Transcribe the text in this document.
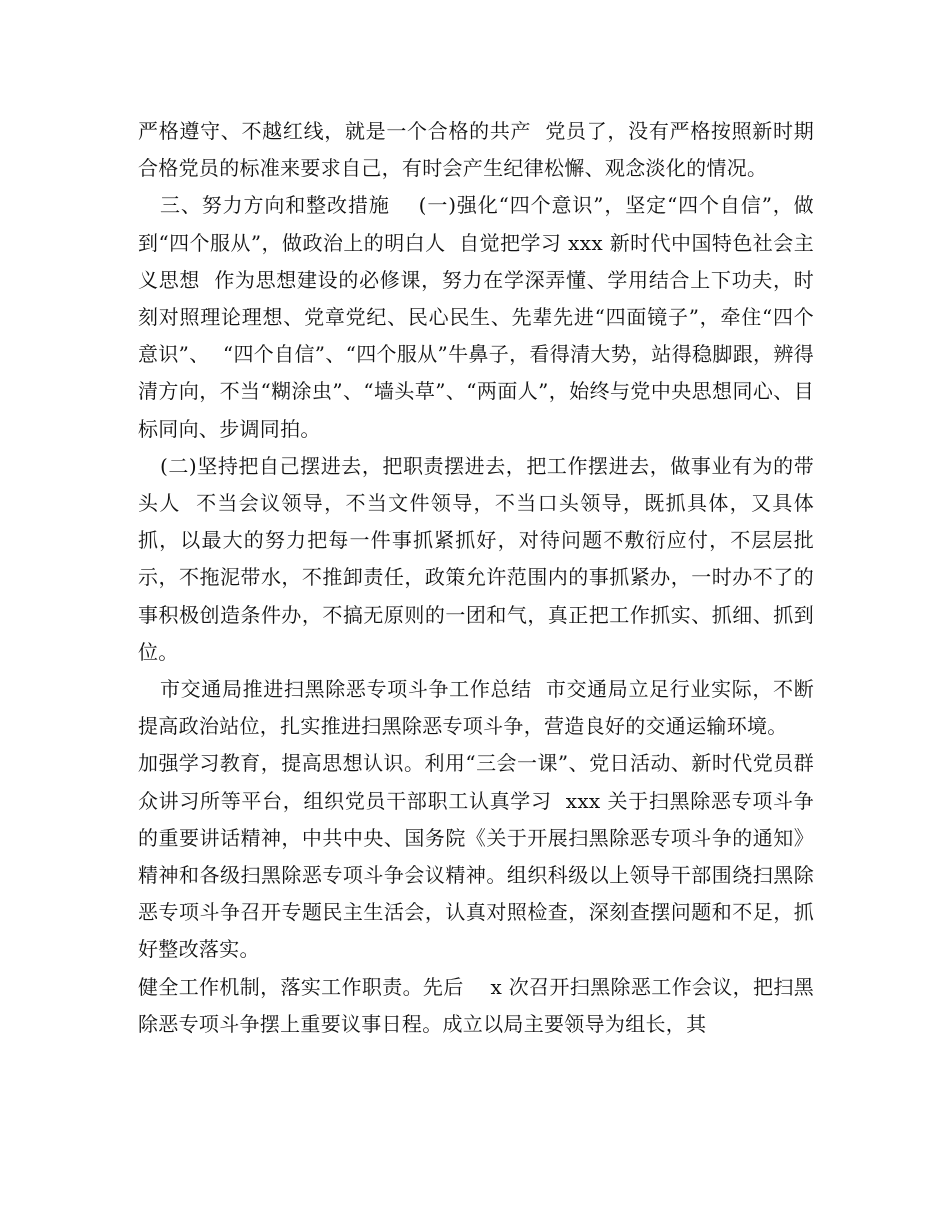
严格遵守、不越红线，就是一个合格的共产  党员了，没有严格按照新时期合格党员的标准来要求自己，有时会产生纪律松懈、观念淡化的情况。

三、努力方向和整改措施    (一)强化“四个意识”，坚定“四个自信”，做到“四个服从”，做政治上的明白人  自觉把学习 xxx 新时代中国特色社会主义思想  作为思想建设的必修课，努力在学深弄懂、学用结合上下功夫，时刻对照理论理想、党章党纪、民心民生、先辈先进“四面镜子”，牵住“四个意识”、  “四个自信”、“四个服从”牛鼻子，看得清大势，站得稳脚跟，辨得清方向，不当“糊涂虫”、“墙头草”、“两面人”，始终与党中央思想同心、目标同向、步调同拍。

(二)坚持把自己摆进去，把职责摆进去，把工作摆进去，做事业有为的带头人  不当会议领导，不当文件领导，不当口头领导，既抓具体，又具体抓，以最大的努力把每一件事抓紧抓好，对待问题不敷衍应付，不层层批示，不拖泥带水，不推卸责任，政策允许范围内的事抓紧办，一时办不了的事积极创造条件办，不搞无原则的一团和气，真正把工作抓实、抓细、抓到位。

市交通局推进扫黑除恶专项斗争工作总结  市交通局立足行业实际，不断提高政治站位，扎实推进扫黑除恶专项斗争，营造良好的交通运输环境。

加强学习教育，提高思想认识。利用“三会一课”、党日活动、新时代党员群众讲习所等平台，组织党员干部职工认真学习  xxx 关于扫黑除恶专项斗争的重要讲话精神，中共中央、国务院《关于开展扫黑除恶专项斗争的通知》精神和各级扫黑除恶专项斗争会议精神。组织科级以上领导干部围绕扫黑除恶专项斗争召开专题民主生活会，认真对照检查，深刻查摆问题和不足，抓好整改落实。

健全工作机制，落实工作职责。先后    x 次召开扫黑除恶工作会议，把扫黑除恶专项斗争摆上重要议事日程。成立以局主要领导为组长，其
